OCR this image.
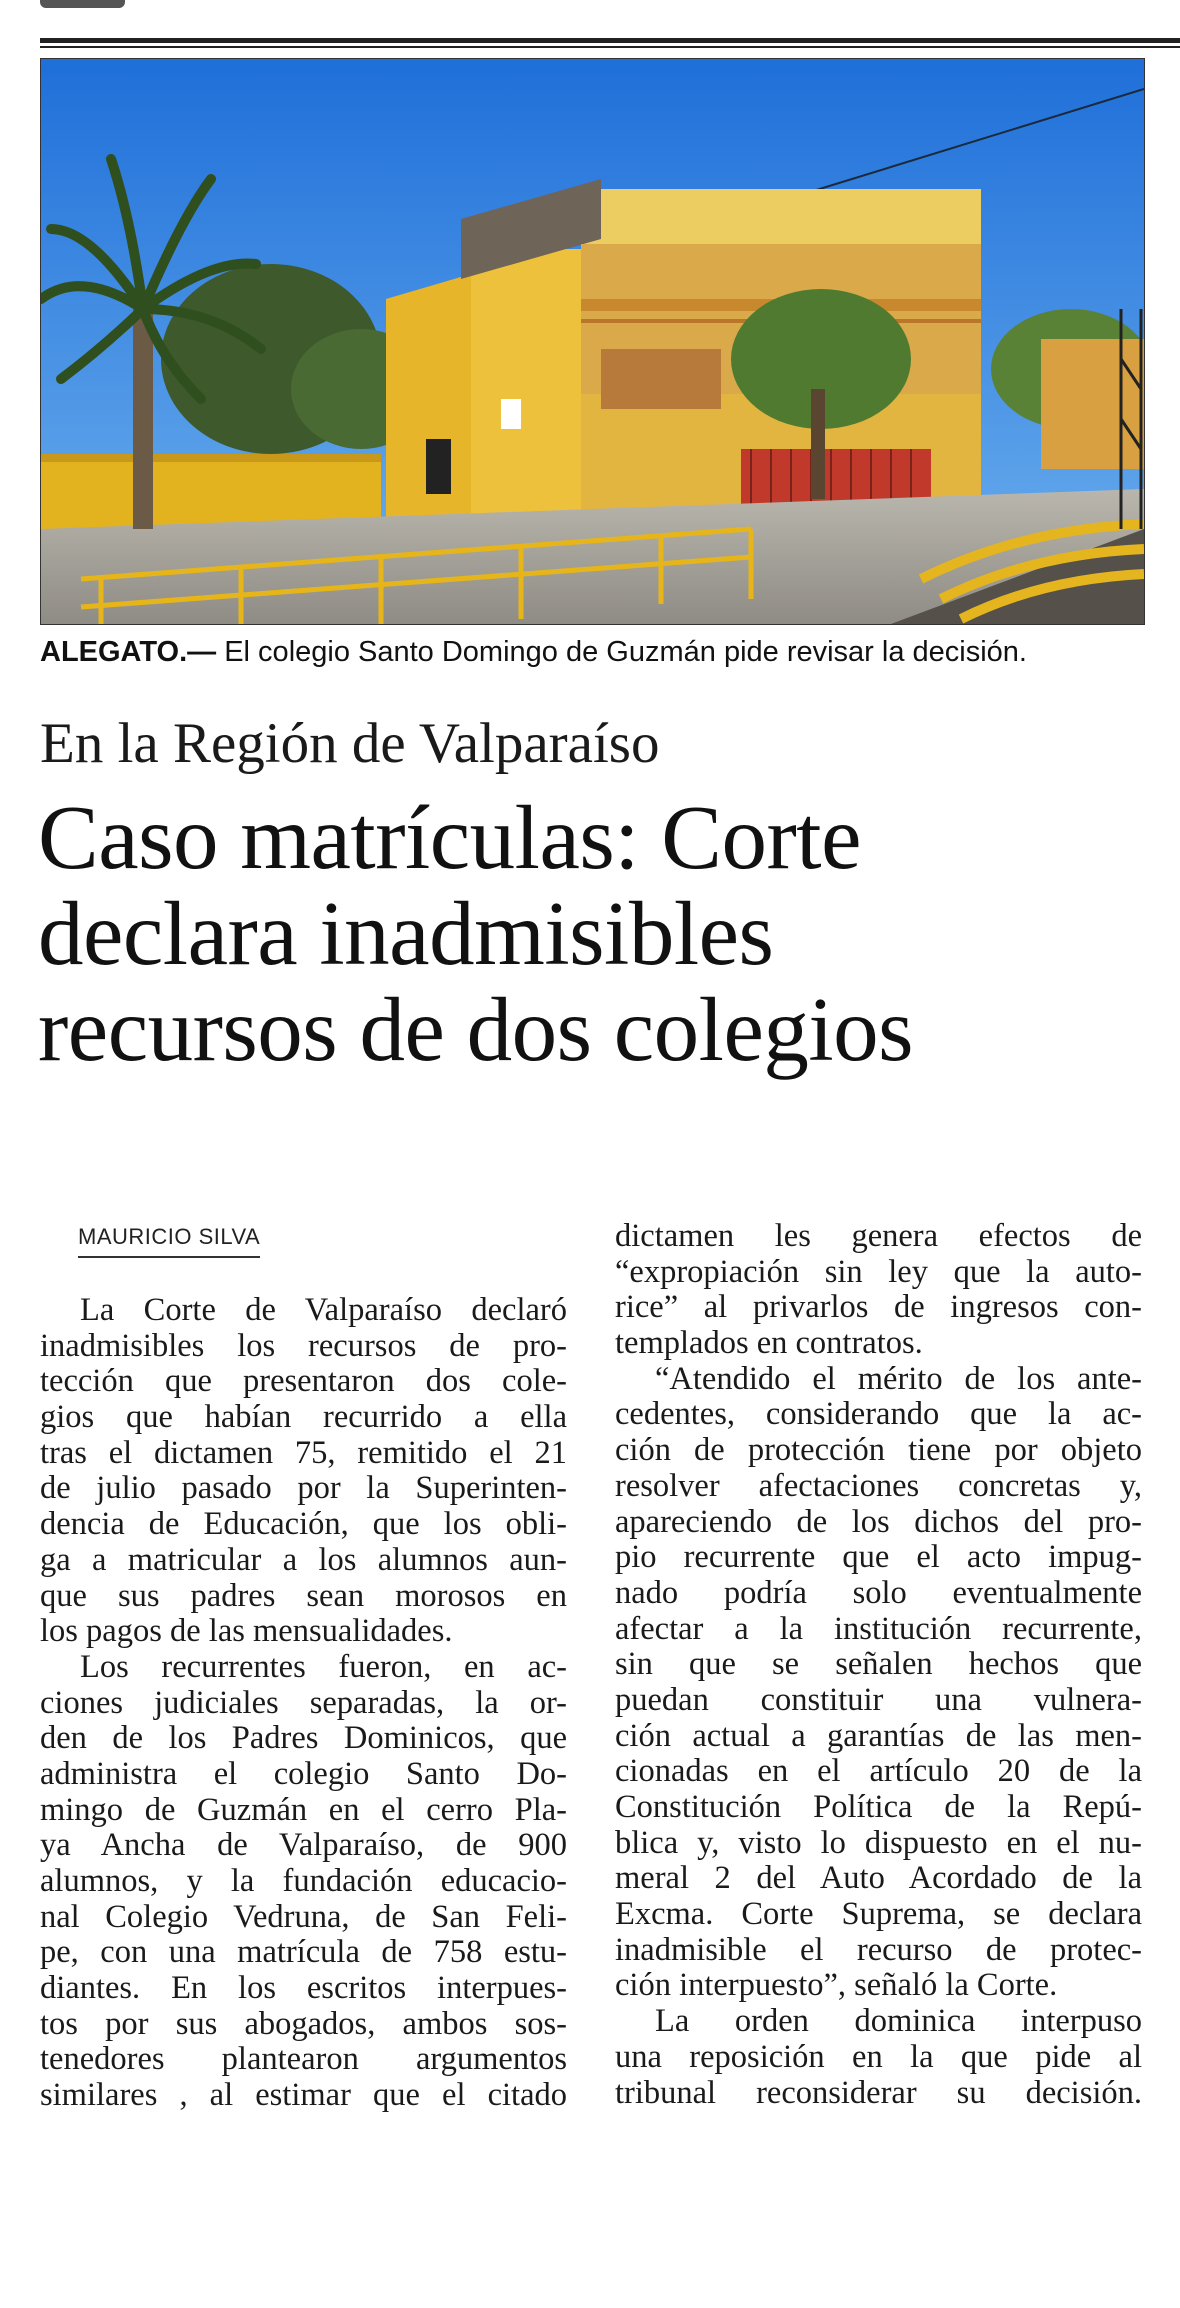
ALEGATO.— El colegio Santo Domingo de Guzmán pide revisar la decisión.
En la Región de Valparaíso
Caso matrículas: Corte
declara inadmisibles
recursos de dos colegios
MAURICIO SILVA
La Corte de Valparaíso declaró
inadmisibles los recursos de pro-
tección que presentaron dos cole-
gios que habían recurrido a ella
tras el dictamen 75, remitido el 21
de julio pasado por la Superinten-
dencia de Educación, que los obli-
ga a matricular a los alumnos aun-
que sus padres sean morosos en
los pagos de las mensualidades.
Los recurrentes fueron, en ac-
ciones judiciales separadas, la or-
den de los Padres Dominicos, que
administra el colegio Santo Do-
mingo de Guzmán en el cerro Pla-
ya Ancha de Valparaíso, de 900
alumnos, y la fundación educacio-
nal Colegio Vedruna, de San Feli-
pe, con una matrícula de 758 estu-
diantes. En los escritos interpues-
tos por sus abogados, ambos sos-
tenedores plantearon argumentos
similares , al estimar que el citado
dictamen les genera efectos de
“expropiación sin ley que la auto-
rice” al privarlos de ingresos con-
templados en contratos.
“Atendido el mérito de los ante-
cedentes, considerando que la ac-
ción de protección tiene por objeto
resolver afectaciones concretas y,
apareciendo de los dichos del pro-
pio recurrente que el acto impug-
nado podría solo eventualmente
afectar a la institución recurrente,
sin que se señalen hechos que
puedan constituir una vulnera-
ción actual a garantías de las men-
cionadas en el artículo 20 de la
Constitución Política de la Repú-
blica y, visto lo dispuesto en el nu-
meral 2 del Auto Acordado de la
Excma. Corte Suprema, se declara
inadmisible el recurso de protec-
ción interpuesto”, señaló la Corte.
La orden dominica interpuso
una reposición en la que pide al
tribunal reconsiderar su decisión.
